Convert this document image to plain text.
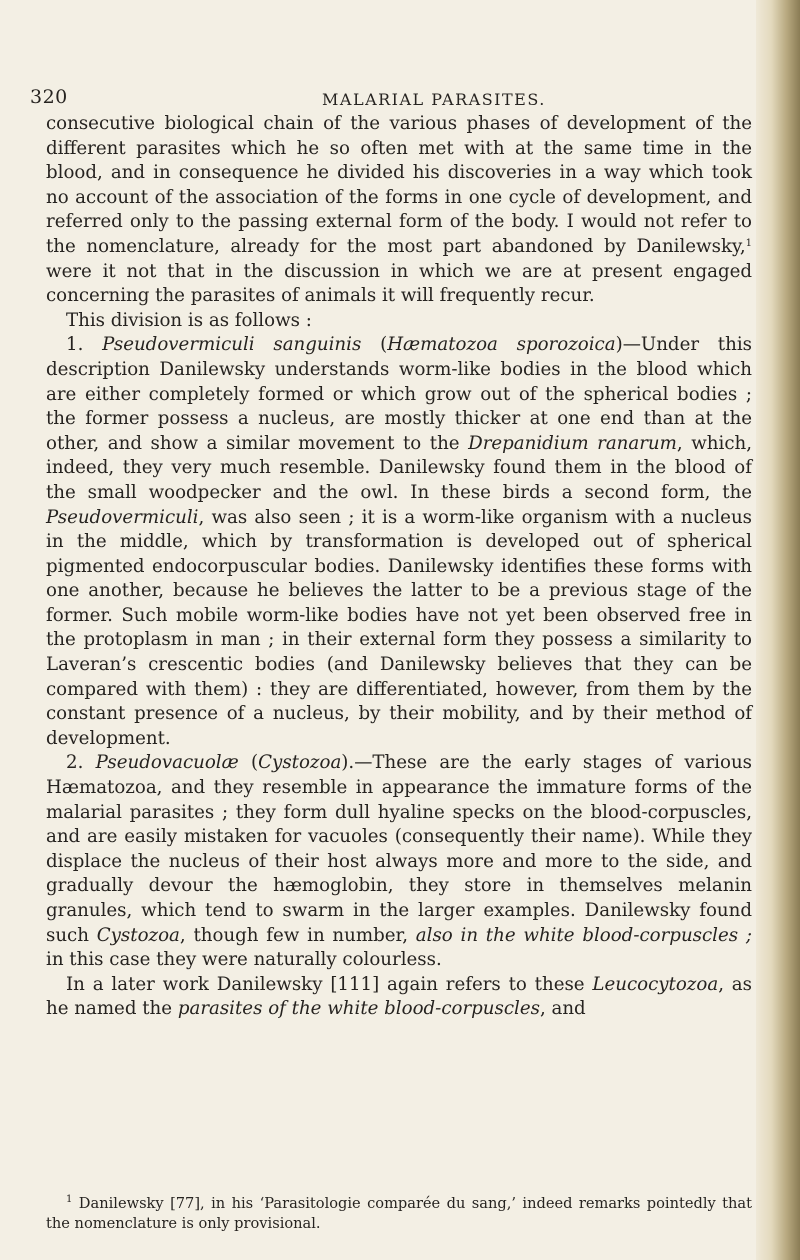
320	MALARIAL PARASITES.

consecutive biological chain of the various phases of development of the different parasites which he so often met with at the same time in the blood, and in consequence he divided his discoveries in a way which took no account of the association of the forms in one cycle of development, and referred only to the passing external form of the body. I would not refer to the nomenclature, already for the most part abandoned by Danilewsky,$^1$ were it not that in the discussion in which we are at present engaged concerning the parasites of animals it will frequently recur.

This division is as follows :

1. Pseudovermiculi sanguinis (Hæmatozoa sporozoica)—Under this description Danilewsky understands worm-like bodies in the blood which are either completely formed or which grow out of the spherical bodies ; the former possess a nucleus, are mostly thicker at one end than at the other, and show a similar movement to the Drepanidium ranarum, which, indeed, they very much resemble. Danilewsky found them in the blood of the small woodpecker and the owl. In these birds a second form, the Pseudovermiculi, was also seen ; it is a worm-like organism with a nucleus in the middle, which by transformation is developed out of spherical pigmented endocorpuscular bodies. Danilewsky identifies these forms with one another, because he believes the latter to be a previous stage of the former. Such mobile worm-like bodies have not yet been observed free in the protoplasm in man ; in their external form they possess a similarity to Laveran’s crescentic bodies (and Danilewsky believes that they can be compared with them) : they are differentiated, however, from them by the constant presence of a nucleus, by their mobility, and by their method of development.

2. Pseudovacuolæ (Cystozoa).—These are the early stages of various Hæmatozoa, and they resemble in appearance the immature forms of the malarial parasites ; they form dull hyaline specks on the blood-corpuscles, and are easily mistaken for vacuoles (consequently their name). While they displace the nucleus of their host always more and more to the side, and gradually devour the hæmoglobin, they store in themselves melanin granules, which tend to swarm in the larger examples. Danilewsky found such Cystozoa, though few in number, also in the white blood-corpuscles ; in this case they were naturally colourless.

In a later work Danilewsky [111] again refers to these Leucocytozoa, as he named the parasites of the white blood-corpuscles, and

$^1$ Danilewsky [77], in his ‘Parasitologie comparée du sang,’ indeed remarks pointedly that the nomenclature is only provisional.
